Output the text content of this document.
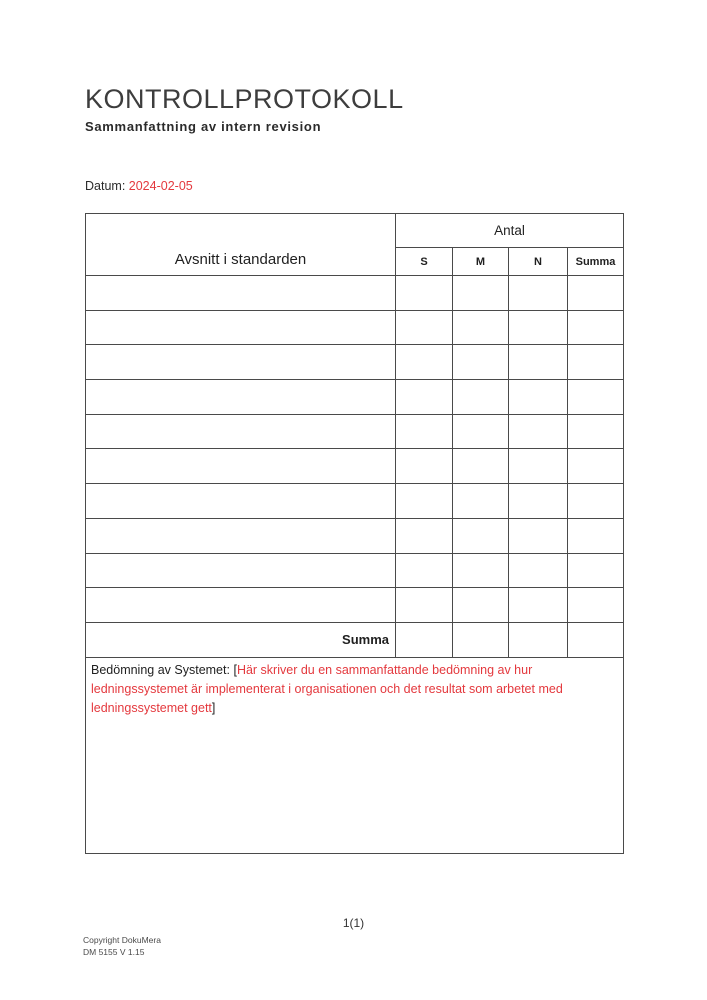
KONTROLLPROTOKOLL
Sammanfattning av intern revision
Datum: 2024-02-05
Avsnitt i standarden
Antal
S	M	N	Summa
Summa
Bedömning av Systemet: [Här skriver du en sammanfattande bedömning av hur ledningssystemet är implementerat i organisationen och det resultat som arbetet med ledningssystemet gett]
1(1)
Copyright DokuMera
DM 5155 V 1.15
